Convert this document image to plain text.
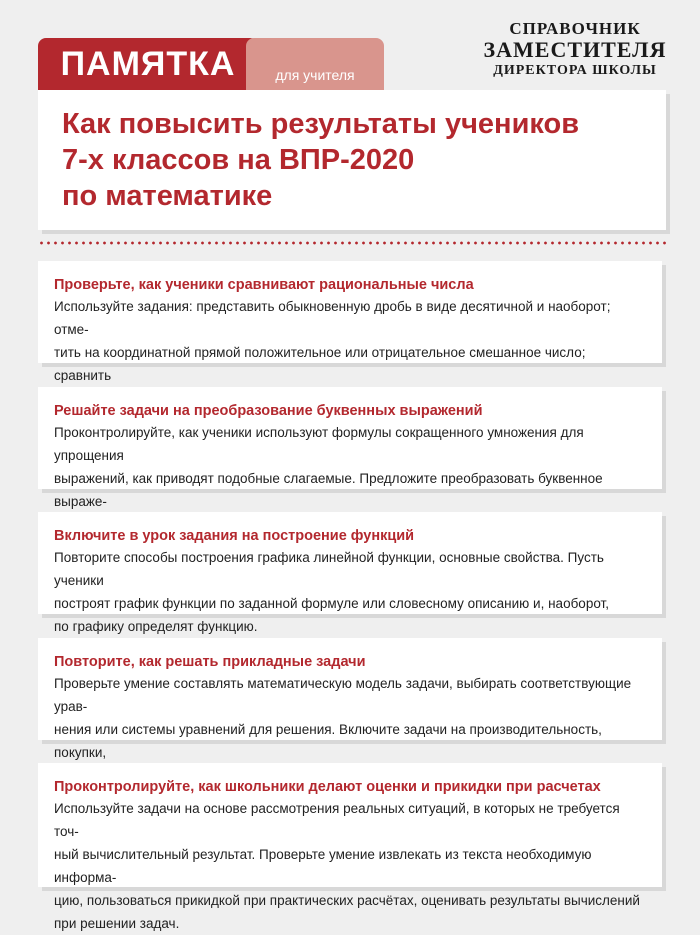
ПАМЯТКА	для учителя
СПРАВОЧНИК
ЗАМЕСТИТЕЛЯ
ДИРЕКТОРА ШКОЛЫ
Как повысить результаты учеников
7-х классов на ВПР-2020
по математике
Проверьте, как ученики сравнивают рациональные числа
Используйте задания: представить обыкновенную дробь в виде десятичной и наоборот; отме-
тить на координатной прямой положительное или отрицательное смешанное число; сравнить

Решайте задачи на преобразование буквенных выражений
Проконтролируйте, как ученики используют формулы сокращенного умножения для упрощения
выражений, как приводят подобные слагаемые. Предложите преобразовать буквенное выраже-

Включите в урок задания на построение функций
Повторите способы построения графика линейной функции, основные свойства. Пусть ученики
построят график функции по заданной формуле или словесному описанию и, наоборот,
по графику определят функцию.
Повторите, как решать прикладные задачи
Проверьте умение составлять математическую модель задачи, выбирать соответствующие урав-
нения или системы уравнений для решения. Включите задачи на производительность, покупки,

Проконтролируйте, как школьники делают оценки и прикидки при расчетах
Используйте задачи на основе рассмотрения реальных ситуаций, в которых не требуется точ-
ный вычислительный результат. Проверьте умение извлекать из текста необходимую информа-
цию, пользоваться прикидкой при практических расчётах, оценивать результаты вычислений
при решении задач.
